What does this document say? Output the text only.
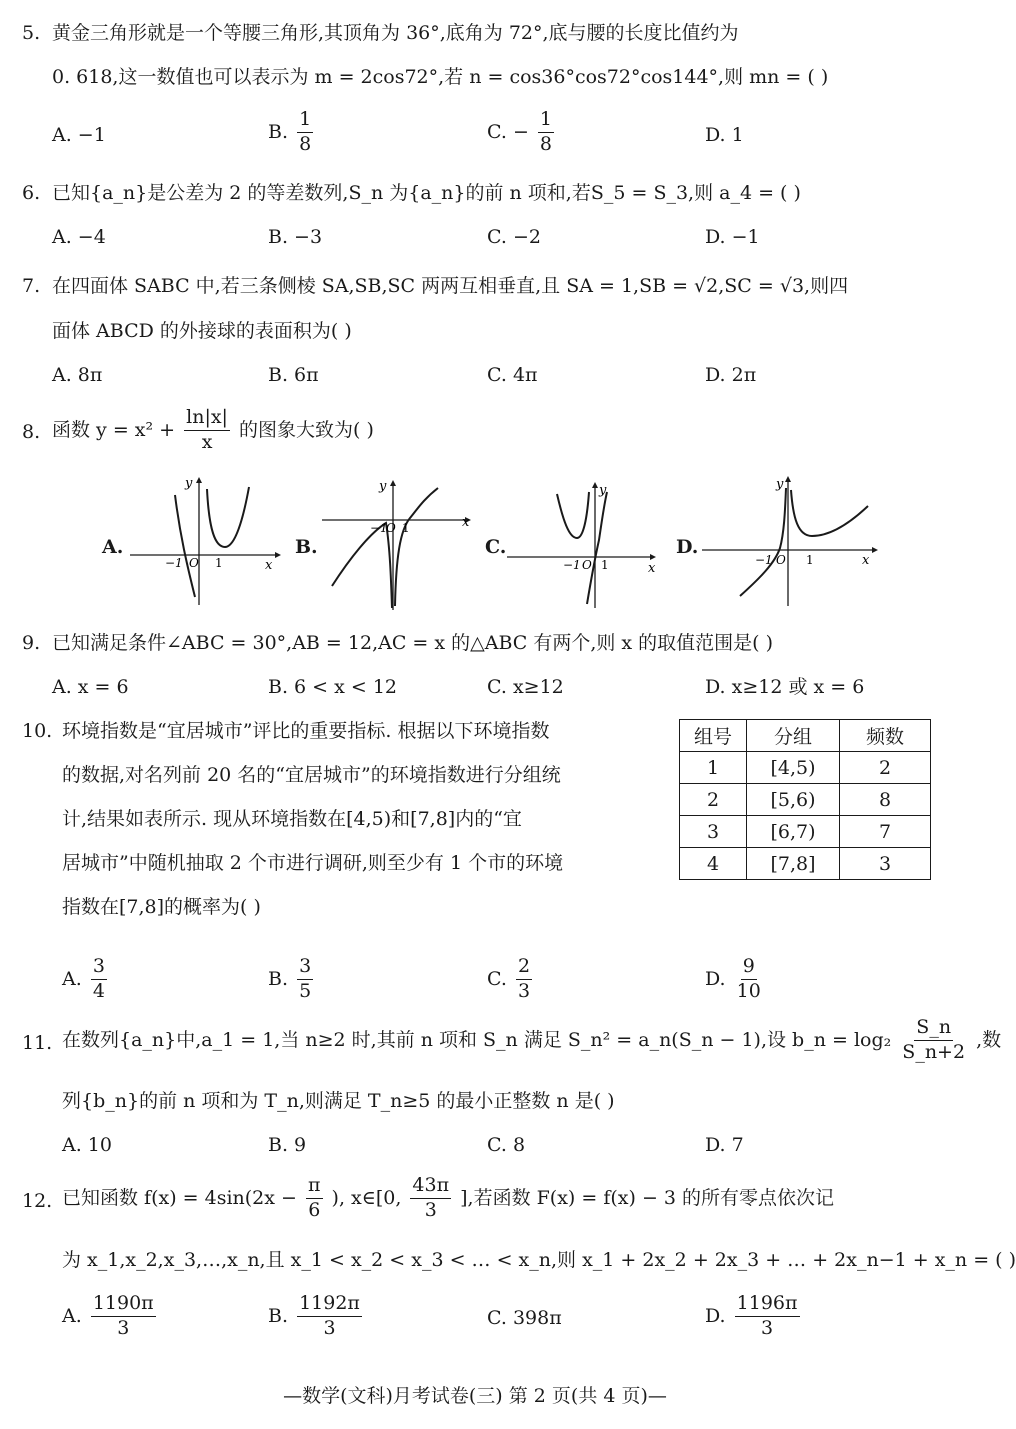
5. 黄金三角形就是一个等腰三角形,其顶角为 36°,底角为 72°,底与腰的长度比值约为
0. 618,这一数值也可以表示为 m = 2cos72°,若 n = cos36°cos72°cos144°,则 mn = ( )
A. −1	B. $\frac{1}{8}$	C. − $\frac{1}{8}$	D. 1
6. 已知{a_n}是公差为 2 的等差数列,S_n 为{a_n}的前 n 项和,若S_5 = S_3,则 a_4 = ( )
A. −4	B. −3	C. −2	D. −1
7. 在四面体 SABC 中,若三条侧棱 SA,SB,SC 两两互相垂直,且 SA = 1,SB = √2,SC = √3,则四
面体 ABCD 的外接球的表面积为( )
A. 8π	B. 6π	C. 4π	D. 2π
8. 函数 $y = x^2 + \frac{\ln|x|}{x}$ 的图象大致为( )
A.
−1 O 1	x
y
B.
−1
O 1	x
y
C.
−1 O 1	x
y
D.
−1 O 1	x
y
9. 已知满足条件∠ABC = 30°,AB = 12,AC = x 的△ABC 有两个,则 x 的取值范围是( )
A. x = 6	B. 6 < x < 12	C. x≥12	D. x≥12 或 x = 6
10. 环境指数是“宜居城市”评比的重要指标. 根据以下环境指数
的数据,对名列前 20 名的“宜居城市”的环境指数进行分组统
计,结果如表所示. 现从环境指数在[4,5)和[7,8]内的“宜
居城市”中随机抽取 2 个市进行调研,则至少有 1 个市的环境
指数在[7,8]的概率为( )
组号	分组	频数
1	[4,5)	2
2	[5,6)	8
3	[6,7)	7
4	[7,8]	3
A. $\frac{3}{4}$	B. $\frac{3}{5}$	C. $\frac{2}{3}$	D. $\frac{9}{10}$
11. 在数列{a_n}中,a_1 = 1,当 n≥2 时,其前 n 项和 S_n 满足 S_n² = a_n(S_n − 1),设 b_n = $\log_2 \frac{S\_n}{S\_n+2}$ ,数
列{b_n}的前 n 项和为 T_n,则满足 T_n≥5 的最小正整数 n 是( )
A. 10	B. 9	C. 8	D. 7
12. 已知函数 $f(x) = 4\sin(2x - \frac{\pi}{6}$ ), x∈[0, $\frac{43\pi}{3}$ ],若函数 F(x) = f(x) − 3 的所有零点依次记
为 x_1,x_2,x_3,…,x_n,且 x_1 < x_2 < x_3 < … < x_n,则 x_1 + 2x_2 + 2x_3 + … + 2x_n−1 + x_n = ( )
A. $\frac{1190\pi}{3}$	B. $\frac{1192\pi}{3}$	C. 398π	D. $\frac{1196\pi}{3}$
—数学(文科)月考试卷(三) 第 2 页(共 4 页)—
